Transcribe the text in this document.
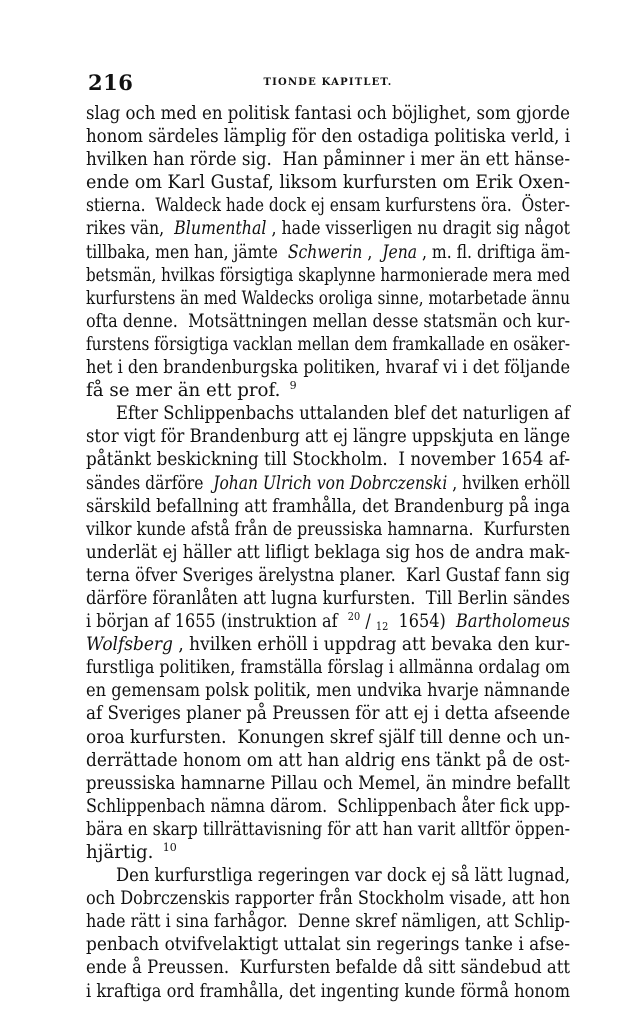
216	TIONDE KAPITLET.
slag och med en politisk fantasi och böjlighet, som gjorde
honom särdeles lämplig för den ostadiga politiska verld, i
hvilken han rörde sig.  Han påminner i mer än ett hänse-
ende om Karl Gustaf, liksom kurfursten om Erik Oxen-
stierna.  Waldeck hade dock ej ensam kurfurstens öra.  Öster-
rikes vän,  Blumenthal , hade visserligen nu dragit sig något
tillbaka, men han, jämte  Schwerin ,  Jena , m. fl. driftiga äm-
betsmän, hvilkas försigtiga skaplynne harmonierade mera med
kurfurstens än med Waldecks oroliga sinne, motarbetade ännu
ofta denne.  Motsättningen mellan desse statsmän och kur-
furstens försigtiga vacklan mellan dem framkallade en osäker-
het i den brandenburgska politiken, hvaraf vi i det följande
få se mer än ett prof.  $^9$
Efter Schlippenbachs uttalanden blef det naturligen af
stor vigt för Brandenburg att ej längre uppskjuta en länge
påtänkt beskickning till Stockholm.  I november 1654 af-
sändes därföre  Johan Ulrich von Dobrczenski , hvilken erhöll
särskild befallning att framhålla, det Brandenburg på inga
vilkor kunde afstå från de preussiska hamnarna.  Kurfursten
underlät ej häller att lifligt beklaga sig hos de andra mak-
terna öfver Sveriges ärelystna planer.  Karl Gustaf fann sig
därföre föranlåten att lugna kurfursten.  Till Berlin sändes
i början af 1655 (instruktion af  $^{20}$ / $_{12}$  1654)  Bartholomeus
Wolfsberg , hvilken erhöll i uppdrag att bevaka den kur-
furstliga politiken, framställa förslag i allmänna ordalag om
en gemensam polsk politik, men undvika hvarje nämnande
af Sveriges planer på Preussen för att ej i detta afseende
oroa kurfursten.  Konungen skref själf till denne och un-
derrättade honom om att han aldrig ens tänkt på de ost-
preussiska hamnarne Pillau och Memel, än mindre befallt
Schlippenbach nämna därom.  Schlippenbach åter fick upp-
bära en skarp tillrättavisning för att han varit alltför öppen-
hjärtig.  $^{10}$
Den kurfurstliga regeringen var dock ej så lätt lugnad,
och Dobrczenskis rapporter från Stockholm visade, att hon
hade rätt i sina farhågor.  Denne skref nämligen, att Schlip-
penbach otvifvelaktigt uttalat sin regerings tanke i afse-
ende å Preussen.  Kurfursten befalde då sitt sändebud att
i kraftiga ord framhålla, det ingenting kunde förmå honom
